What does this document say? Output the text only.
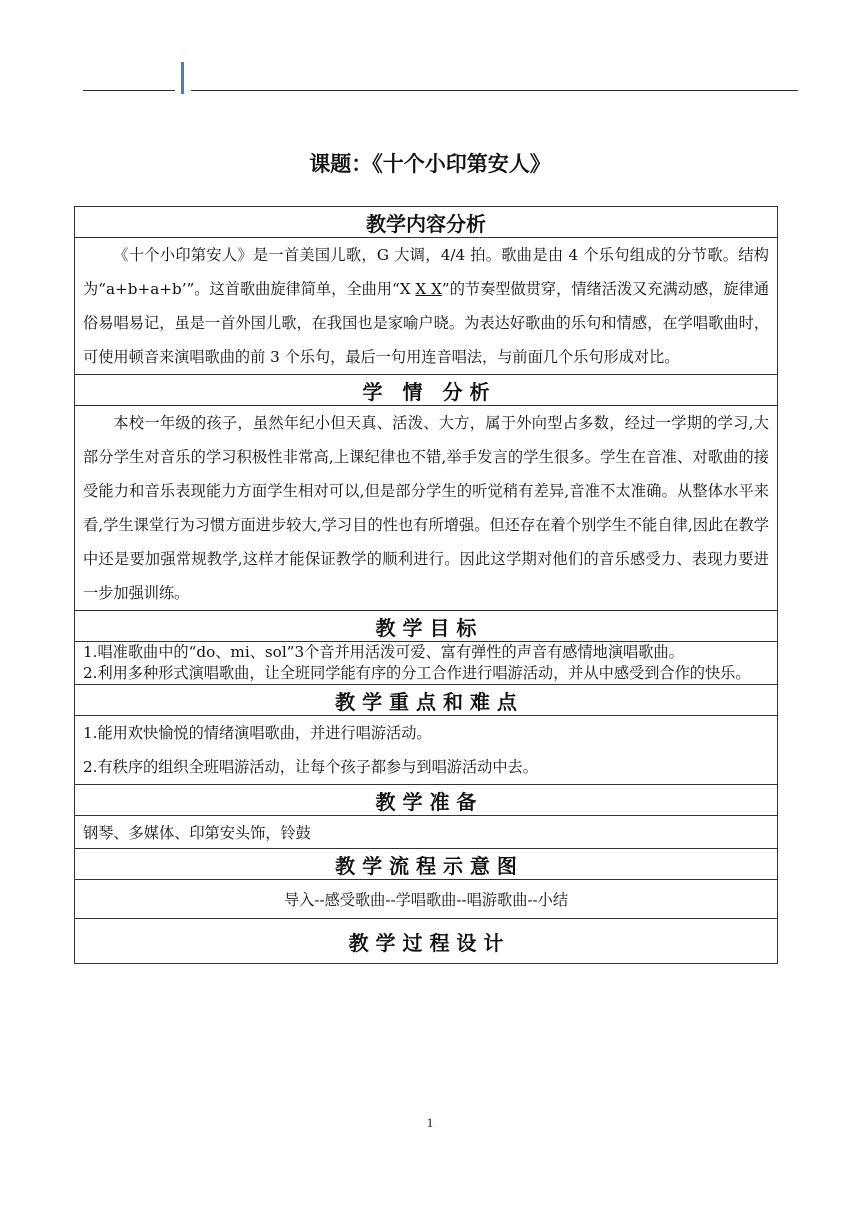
课题：《十个小印第安人》
教学内容分析
《十个小印第安人》是一首美国儿歌，G 大调，4/4 拍。歌曲是由 4 个乐句组成的分节歌。结构为“a+b+a+b’”。这首歌曲旋律简单，全曲用“X X X”的节奏型做贯穿，情绪活泼又充满动感，旋律通俗易唱易记，虽是一首外国儿歌，在我国也是家喻户晓。为表达好歌曲的乐句和情感，在学唱歌曲时，可使用顿音来演唱歌曲的前 3 个乐句，最后一句用连音唱法，与前面几个乐句形成对比。
学　情　分 析
本校一年级的孩子，虽然年纪小但天真、活泼、大方，属于外向型占多数，经过一学期的学习,大部分学生对音乐的学习积极性非常高,上课纪律也不错,举手发言的学生很多。学生在音准、对歌曲的接受能力和音乐表现能力方面学生相对可以,但是部分学生的听觉稍有差异,音准不太准确。从整体水平来看,学生课堂行为习惯方面进步较大,学习目的性也有所增强。但还存在着个别学生不能自律,因此在教学中还是要加强常规教学,这样才能保证教学的顺利进行。因此这学期对他们的音乐感受力、表现力要进一步加强训练。
教 学 目 标

1.唱准歌曲中的“do、mi、sol”3个音并用活泼可爱、富有弹性的声音有感情地演唱歌曲。
2.利用多种形式演唱歌曲，让全班同学能有序的分工合作进行唱游活动，并从中感受到合作的快乐。

教 学 重 点 和 难 点

1.能用欢快愉悦的情绪演唱歌曲，并进行唱游活动。
2.有秩序的组织全班唱游活动，让每个孩子都参与到唱游活动中去。

教 学 准 备
钢琴、多媒体、印第安头饰，铃鼓
教 学 流 程 示 意 图
导入--感受歌曲--学唱歌曲--唱游歌曲--小结
教 学 过 程 设 计
1
